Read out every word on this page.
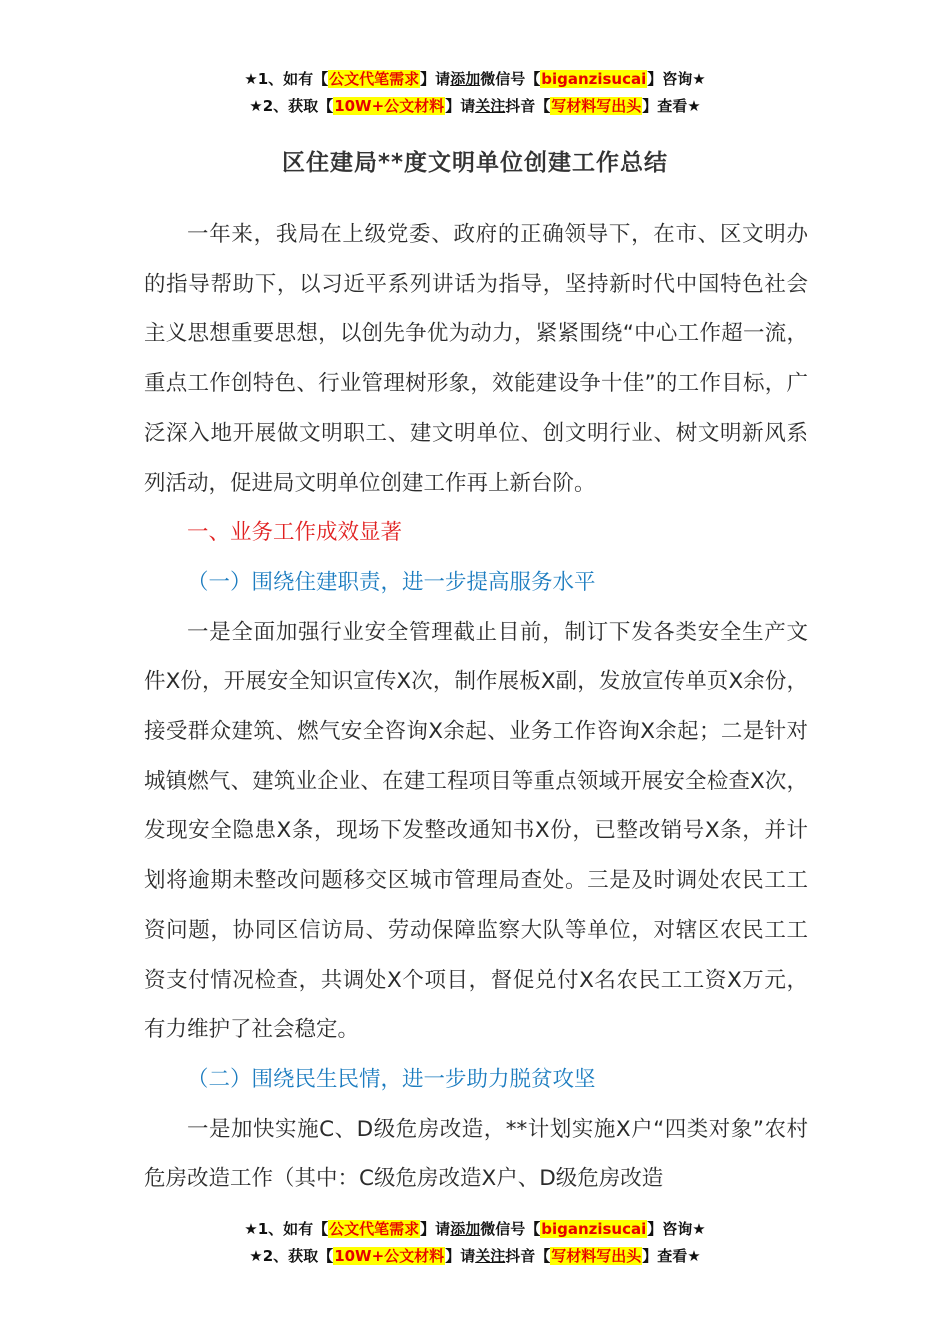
★1、如有【公文代笔需求】请添加微信号【biganzisucai】咨询★
★2、获取【10W+公文材料】请关注抖音【写材料写出头】查看★
区住建局**度文明单位创建工作总结

一年来，我局在上级党委、政府的正确领导下，在市、区文明办的指导帮助下，以习近平系列讲话为指导，坚持新时代中国特色社会主义思想重要思想，以创先争优为动力，紧紧围绕“中心工作超一流，重点工作创特色、行业管理树形象，效能建设争十佳”的工作目标，广泛深入地开展做文明职工、建文明单位、创文明行业、树文明新风系列活动，促进局文明单位创建工作再上新台阶。

一、业务工作成效显著

（一）围绕住建职责，进一步提高服务水平

一是全面加强行业安全管理截止目前，制订下发各类安全生产文件X份，开展安全知识宣传X次，制作展板X副，发放宣传单页X余份，接受群众建筑、燃气安全咨询X余起、业务工作咨询X余起；二是针对城镇燃气、建筑业企业、在建工程项目等重点领域开展安全检查X次，发现安全隐患X条，现场下发整改通知书X份，已整改销号X条，并计划将逾期未整改问题移交区城市管理局查处。三是及时调处农民工工资问题，协同区信访局、劳动保障监察大队等单位，对辖区农民工工资支付情况检查，共调处X个项目，督促兑付X名农民工工资X万元，有力维护了社会稳定。

（二）围绕民生民情，进一步助力脱贫攻坚

一是加快实施C、D级危房改造，**计划实施X户“四类对象”农村危房改造工作（其中：C级危房改造X户、D级危房改造

★1、如有【公文代笔需求】请添加微信号【biganzisucai】咨询★
★2、获取【10W+公文材料】请关注抖音【写材料写出头】查看★
